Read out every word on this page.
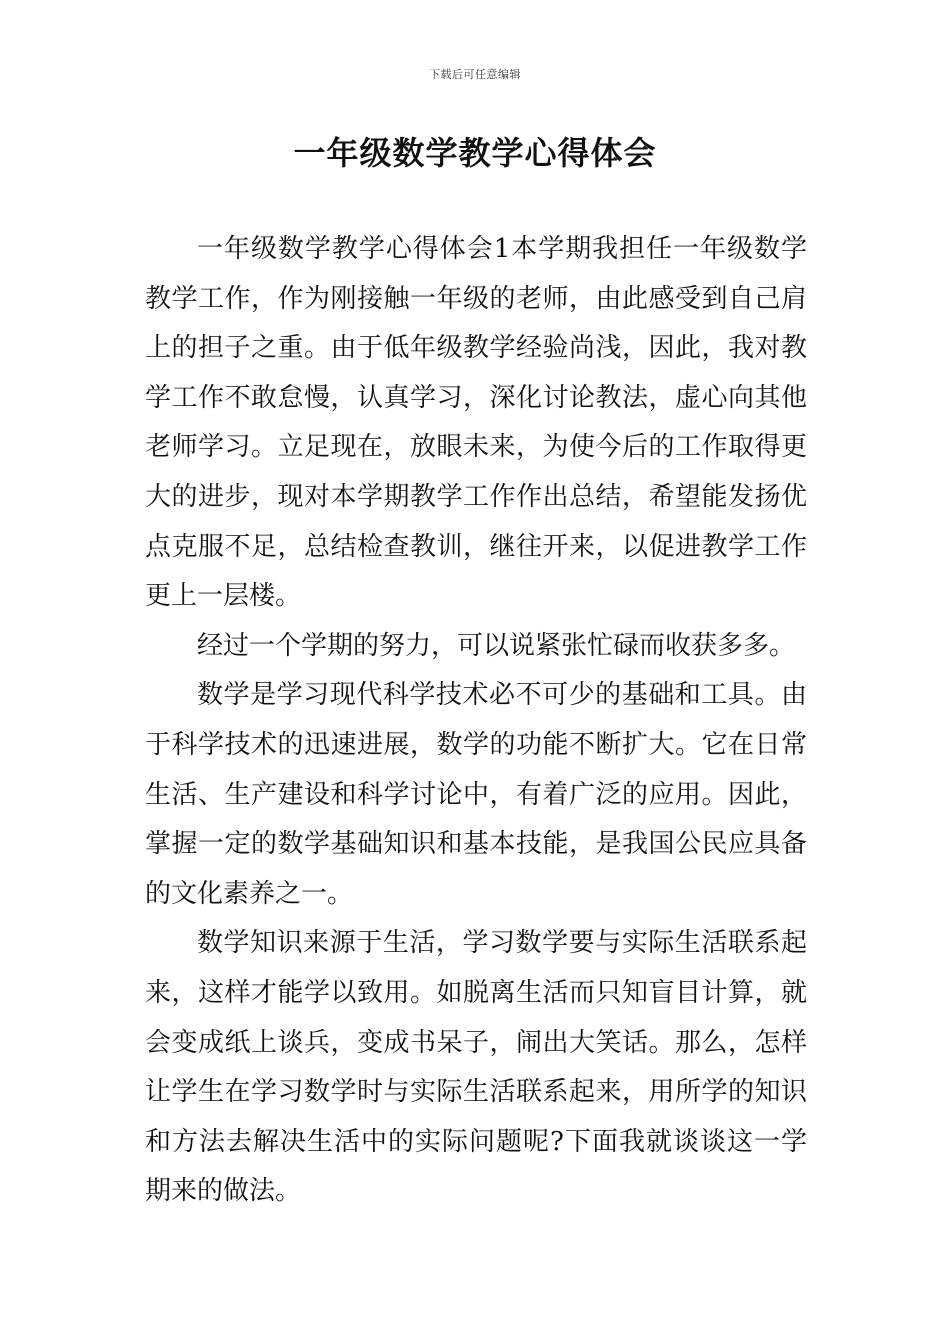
下载后可任意编辑
一年级数学教学心得体会

一年级数学教学心得体会1本学期我担任一年级数学教学工作，作为刚接触一年级的老师，由此感受到自己肩上的担子之重。由于低年级教学经验尚浅，因此，我对教学工作不敢怠慢，认真学习，深化讨论教法，虚心向其他老师学习。立足现在，放眼未来，为使今后的工作取得更大的进步，现对本学期教学工作作出总结，希望能发扬优点克服不足，总结检查教训，继往开来，以促进教学工作更上一层楼。

经过一个学期的努力，可以说紧张忙碌而收获多多。

数学是学习现代科学技术必不可少的基础和工具。由于科学技术的迅速进展，数学的功能不断扩大。它在日常生活、生产建设和科学讨论中，有着广泛的应用。因此，掌握一定的数学基础知识和基本技能，是我国公民应具备的文化素养之一。

数学知识来源于生活，学习数学要与实际生活联系起来，这样才能学以致用。如脱离生活而只知盲目计算，就会变成纸上谈兵，变成书呆子，闹出大笑话。那么，怎样让学生在学习数学时与实际生活联系起来，用所学的知识和方法去解决生活中的实际问题呢?下面我就谈谈这一学期来的做法。
